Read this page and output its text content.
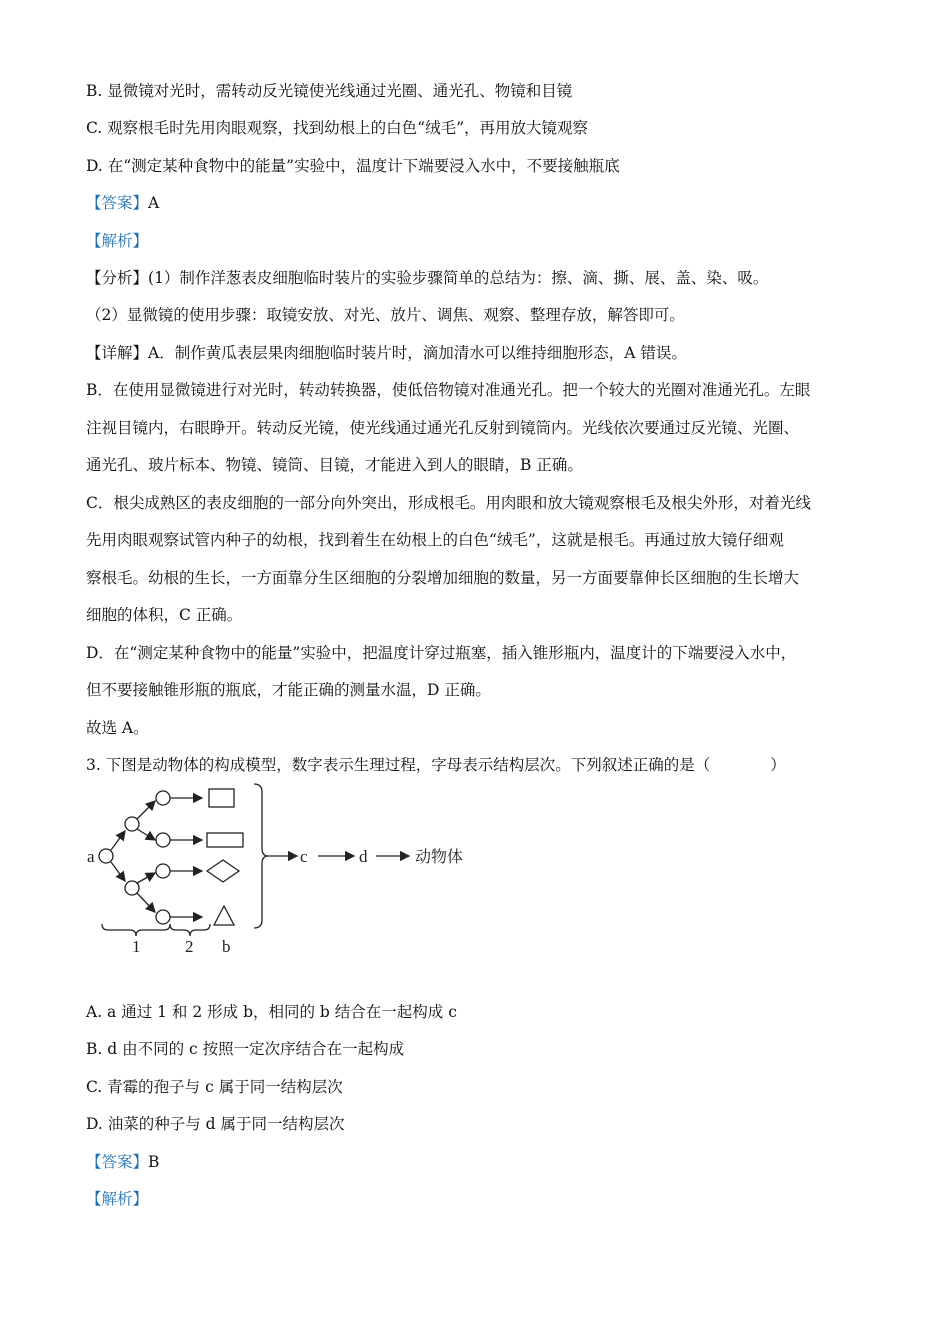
B. 显微镜对光时，需转动反光镜使光线通过光圈、通光孔、物镜和目镜
C. 观察根毛时先用肉眼观察，找到幼根上的白色“绒毛”，再用放大镜观察
D. 在“测定某种食物中的能量”实验中，温度计下端要浸入水中，不要接触瓶底
【答案】A
【解析】
【分析】(1）制作洋葱表皮细胞临时装片的实验步骤简单的总结为：擦、滴、撕、展、盖、染、吸。
（2）显微镜的使用步骤：取镜安放、对光、放片、调焦、观察、整理存放，解答即可。
【详解】A．制作黄瓜表层果肉细胞临时装片时，滴加清水可以维持细胞形态，A 错误。
B．在使用显微镜进行对光时，转动转换器，使低倍物镜对准通光孔。把一个较大的光圈对准通光孔。左眼
注视目镜内，右眼睁开。转动反光镜，使光线通过通光孔反射到镜筒内。光线依次要通过反光镜、光圈、
通光孔、玻片标本、物镜、镜筒、目镜，才能进入到人的眼睛，B 正确。
C．根尖成熟区的表皮细胞的一部分向外突出，形成根毛。用肉眼和放大镜观察根毛及根尖外形，对着光线
先用肉眼观察试管内种子的幼根，找到着生在幼根上的白色“绒毛”，这就是根毛。再通过放大镜仔细观
察根毛。幼根的生长，一方面靠分生区细胞的分裂增加细胞的数量，另一方面要靠伸长区细胞的生长增大
细胞的体积，C 正确。
D．在“测定某种食物中的能量”实验中，把温度计穿过瓶塞，插入锥形瓶内，温度计的下端要浸入水中，
但不要接触锥形瓶的瓶底，才能正确的测量水温，D 正确。
故选 A。
3. 下图是动物体的构成模型，数字表示生理过程，字母表示结构层次。下列叙述正确的是（	）
a	c	d
1	2 b
动物体
A. a 通过 1 和 2 形成 b，相同的 b 结合在一起构成 c
B. d 由不同的 c 按照一定次序结合在一起构成
C. 青霉的孢子与 c 属于同一结构层次
D. 油菜的种子与 d 属于同一结构层次
【答案】B
【解析】
